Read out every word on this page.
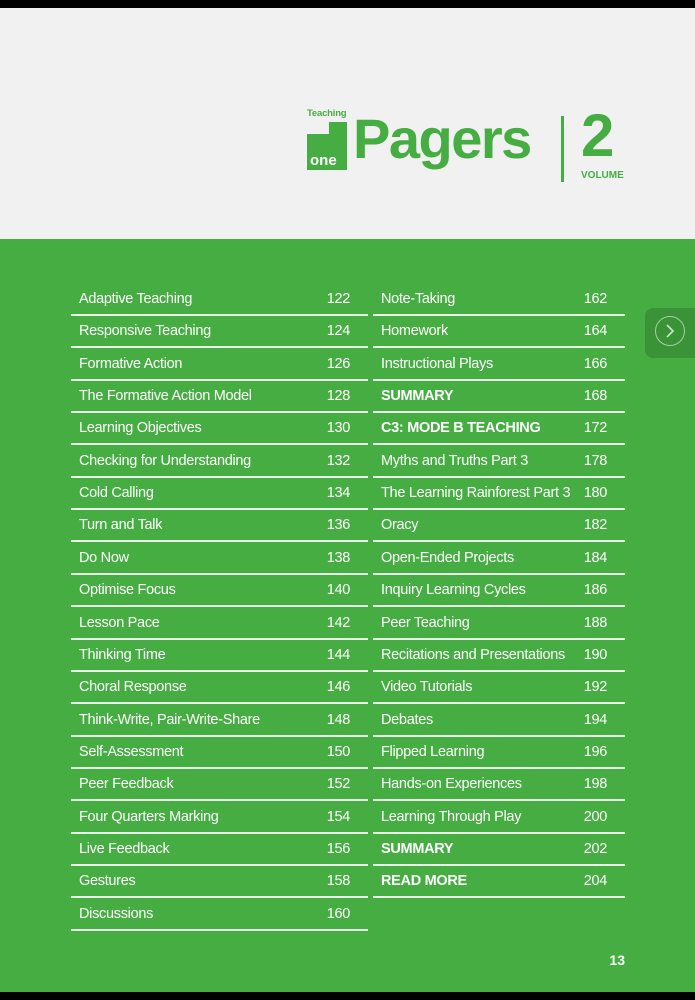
Teaching
one Pagers 2
VOLUME
Adaptive Teaching	122
Responsive Teaching	124
Formative Action	126
The Formative Action Model	128
Learning Objectives	130
Checking for Understanding	132
Cold Calling	134
Turn and Talk	136
Do Now	138
Optimise Focus	140
Lesson Pace	142
Thinking Time	144
Choral Response	146
Think-Write, Pair-Write-Share	148
Self-Assessment	150
Peer Feedback	152
Four Quarters Marking	154
Live Feedback	156
Gestures	158
Discussions	160
Note-Taking	162
Homework	164
Instructional Plays	166
SUMMARY	168
C3: MODE B TEACHING	172
Myths and Truths Part 3	178
The Learning Rainforest Part 3 180
Oracy	182
Open-Ended Projects	184
Inquiry Learning Cycles	186
Peer Teaching	188
Recitations and Presentations 190
Video Tutorials	192
Debates	194
Flipped Learning	196
Hands-on Experiences	198
Learning Through Play	200
SUMMARY	202
READ MORE	204
13
